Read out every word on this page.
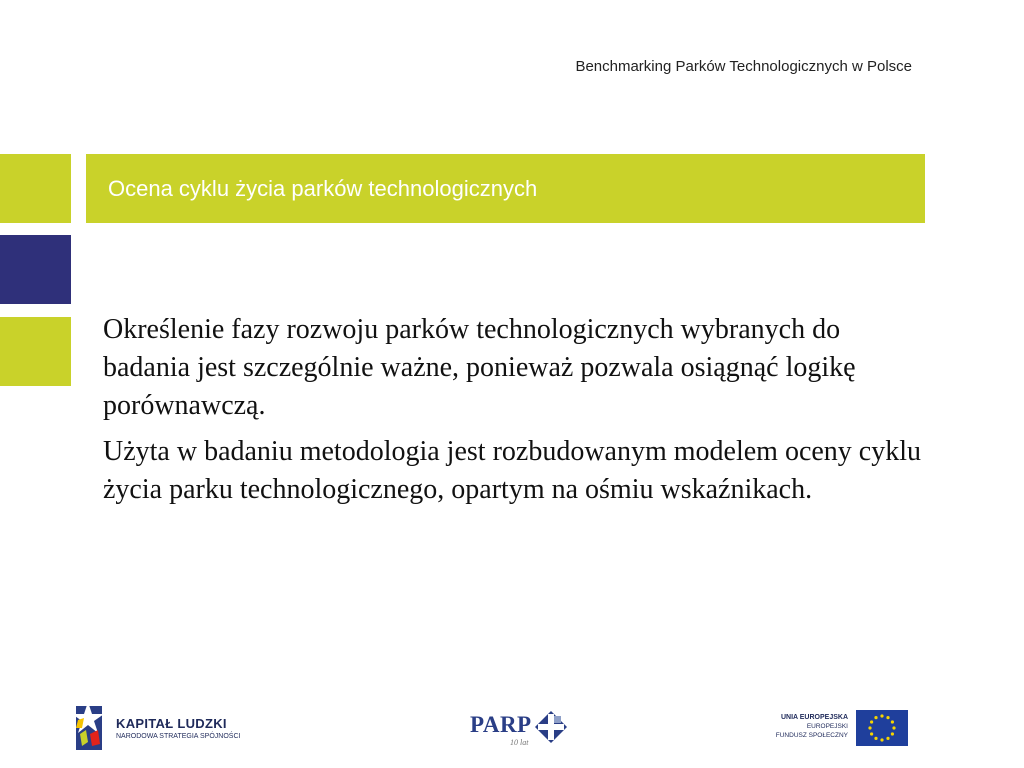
Benchmarking Parków Technologicznych w Polsce
Ocena cyklu życia parków technologicznych

Określenie fazy rozwoju parków technologicznych wybranych do badania jest szczególnie ważne, ponieważ pozwala osiągnąć logikę porównawczą.

Użyta w badaniu metodologia jest rozbudowanym modelem oceny cyklu życia parku technologicznego, opartym na ośmiu wskaźnikach.

KAPITAŁ LUDZKI
NARODOWA STRATEGIA SPÓJNOŚCI	PARP
10 lat
UNIA EUROPEJSKA
EUROPEJSKI
FUNDUSZ SPOŁECZNY
